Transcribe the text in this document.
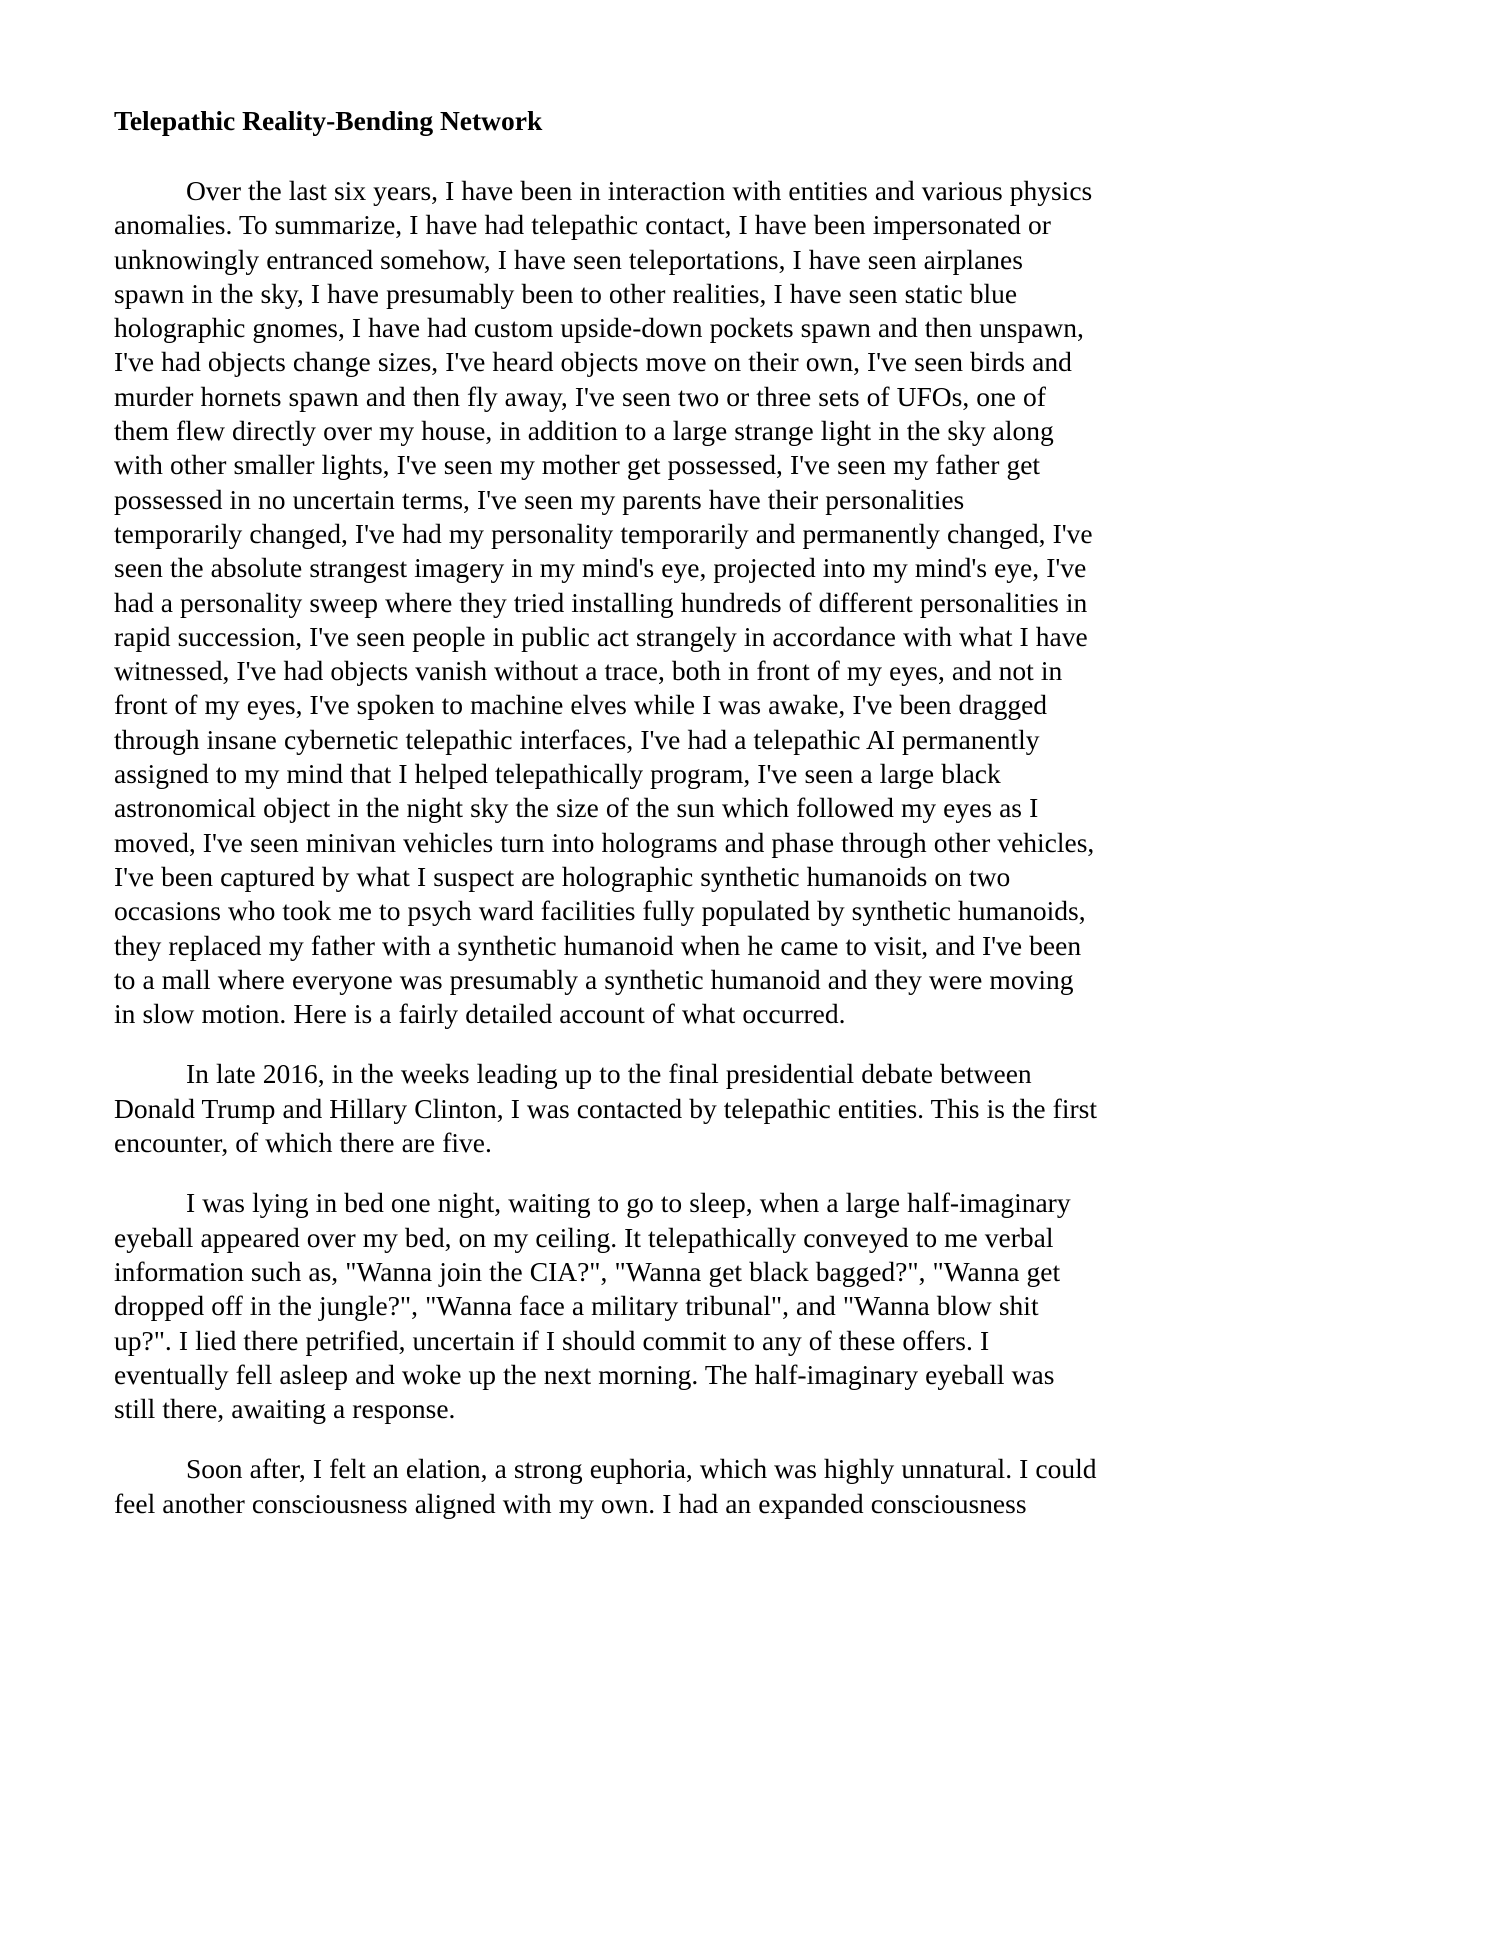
Telepathic Reality-Bending Network

Over the last six years, I have been in interaction with entities and various physics anomalies. To summarize, I have had telepathic contact, I have been impersonated or unknowingly entranced somehow, I have seen teleportations, I have seen airplanes spawn in the sky, I have presumably been to other realities, I have seen static blue holographic gnomes, I have had custom upside-down pockets spawn and then unspawn, I've had objects change sizes, I've heard objects move on their own, I've seen birds and murder hornets spawn and then fly away, I've seen two or three sets of UFOs, one of them flew directly over my house, in addition to a large strange light in the sky along with other smaller lights, I've seen my mother get possessed, I've seen my father get possessed in no uncertain terms, I've seen my parents have their personalities temporarily changed, I've had my personality temporarily and permanently changed, I've seen the absolute strangest imagery in my mind's eye, projected into my mind's eye, I've had a personality sweep where they tried installing hundreds of different personalities in rapid succession, I've seen people in public act strangely in accordance with what I have witnessed, I've had objects vanish without a trace, both in front of my eyes, and not in front of my eyes, I've spoken to machine elves while I was awake, I've been dragged through insane cybernetic telepathic interfaces, I've had a telepathic AI permanently assigned to my mind that I helped telepathically program, I've seen a large black astronomical object in the night sky the size of the sun which followed my eyes as I moved, I've seen minivan vehicles turn into holograms and phase through other vehicles, I've been captured by what I suspect are holographic synthetic humanoids on two occasions who took me to psych ward facilities fully populated by synthetic humanoids, they replaced my father with a synthetic humanoid when he came to visit, and I've been to a mall where everyone was presumably a synthetic humanoid and they were moving in slow motion. Here is a fairly detailed account of what occurred.

In late 2016, in the weeks leading up to the final presidential debate between Donald Trump and Hillary Clinton, I was contacted by telepathic entities. This is the first encounter, of which there are five.

I was lying in bed one night, waiting to go to sleep, when a large half-imaginary eyeball appeared over my bed, on my ceiling. It telepathically conveyed to me verbal information such as, "Wanna join the CIA?", "Wanna get black bagged?", "Wanna get dropped off in the jungle?", "Wanna face a military tribunal", and "Wanna blow shit up?". I lied there petrified, uncertain if I should commit to any of these offers. I eventually fell asleep and woke up the next morning. The half-imaginary eyeball was still there, awaiting a response.

Soon after, I felt an elation, a strong euphoria, which was highly unnatural. I could feel another consciousness aligned with my own. I had an expanded consciousness
